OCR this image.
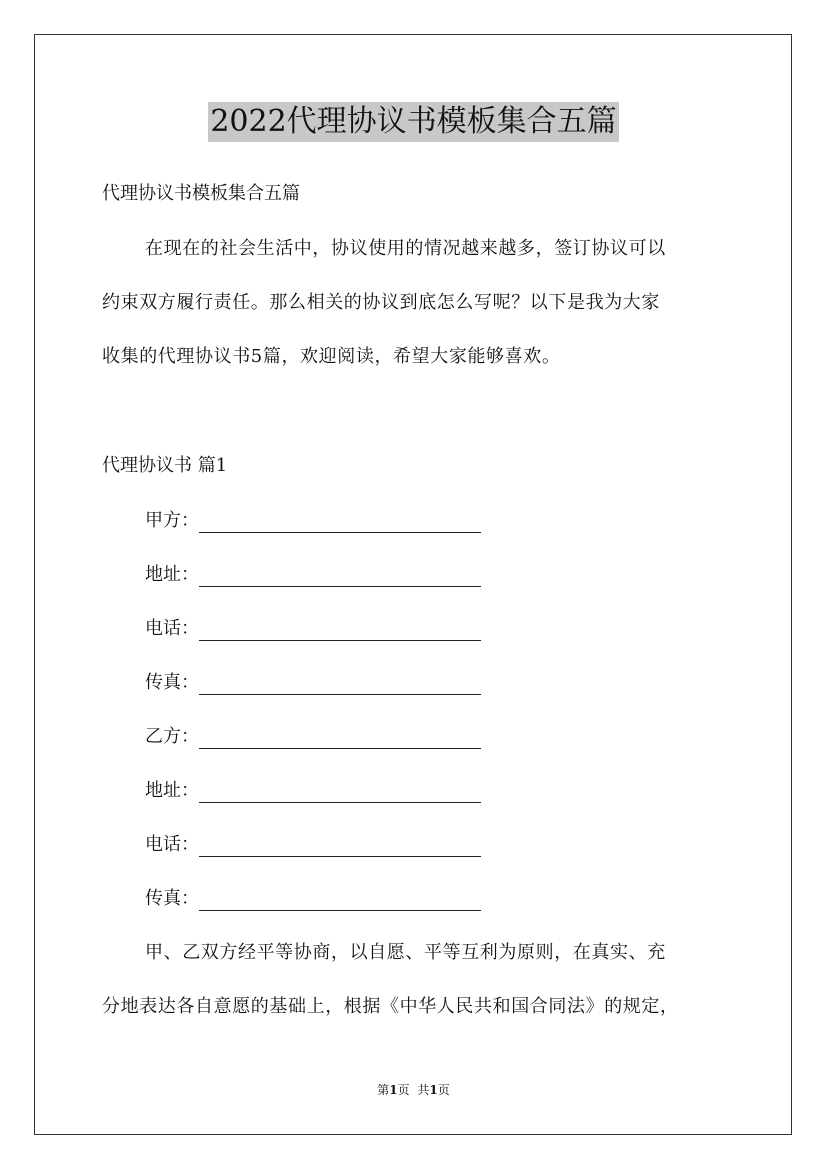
2022代理协议书模板集合五篇
代理协议书模板集合五篇
在现在的社会生活中，协议使用的情况越来越多，签订协议可以
约束双方履行责任。那么相关的协议到底怎么写呢？以下是我为大家
收集的代理协议书5篇，欢迎阅读，希望大家能够喜欢。
代理协议书 篇1
甲方：
地址：
电话：
传真：
乙方：
地址：
电话：
传真：
甲、乙双方经平等协商，以自愿、平等互利为原则，在真实、充
分地表达各自意愿的基础上，根据《中华人民共和国合同法》的规定，
第1页 共1页
